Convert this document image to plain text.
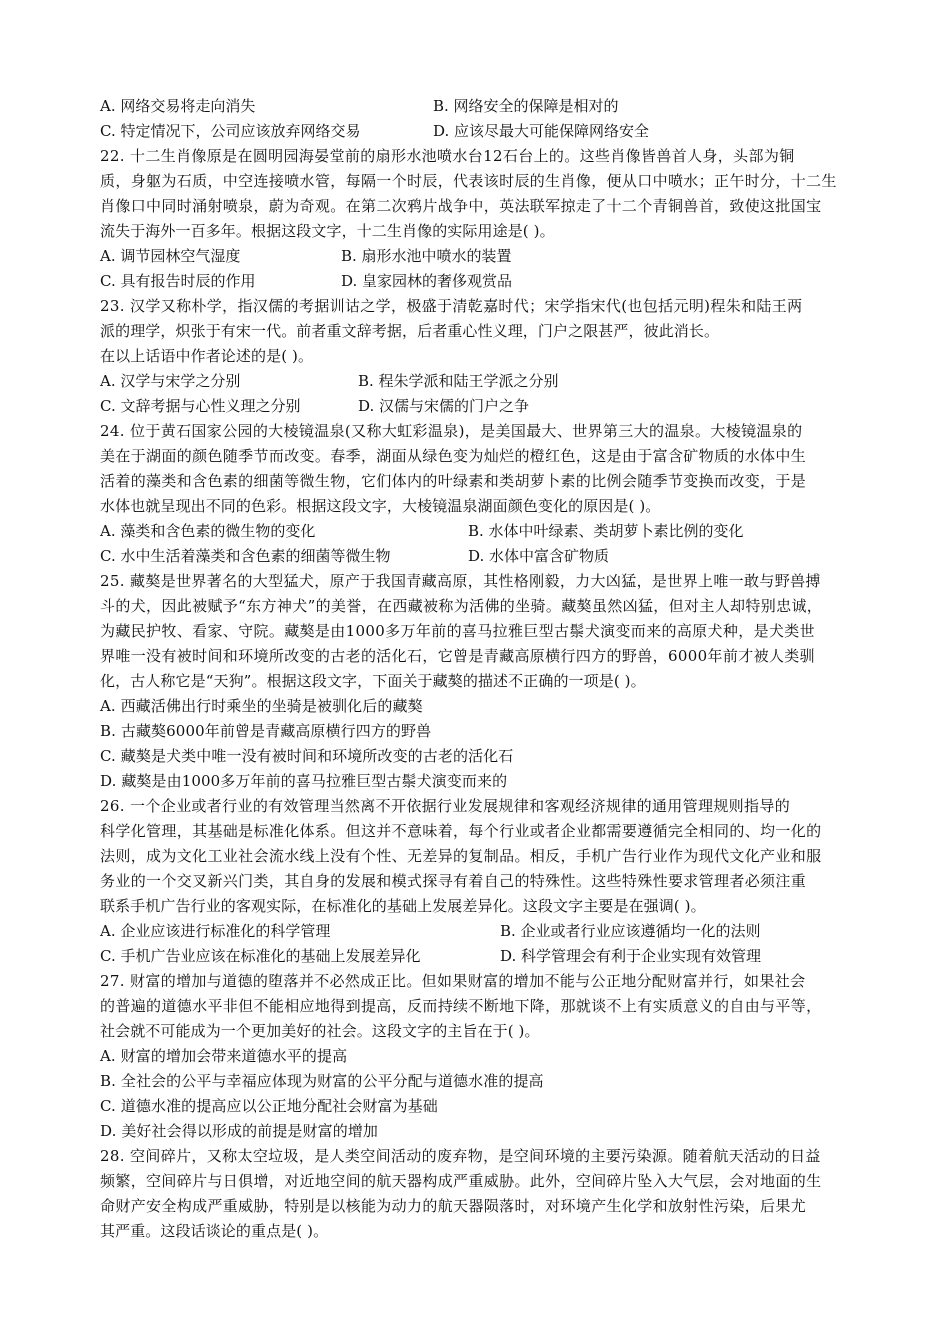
A. 网络交易将走向消失	B. 网络安全的保障是相对的
C. 特定情况下，公司应该放弃网络交易	D. 应该尽最大可能保障网络安全
22. 十二生肖像原是在圆明园海晏堂前的扇形水池喷水台12石台上的。这些肖像皆兽首人身，头部为铜
质，身躯为石质，中空连接喷水管，每隔一个时辰，代表该时辰的生肖像，便从口中喷水；正午时分，十二生
肖像口中同时涌射喷泉，蔚为奇观。在第二次鸦片战争中，英法联军掠走了十二个青铜兽首，致使这批国宝
流失于海外一百多年。根据这段文字，十二生肖像的实际用途是( )。
A. 调节园林空气湿度	B. 扇形水池中喷水的装置
C. 具有报告时辰的作用	D. 皇家园林的奢侈观赏品
23. 汉学又称朴学，指汉儒的考据训诂之学，极盛于清乾嘉时代；宋学指宋代(也包括元明)程朱和陆王两
派的理学，炽张于有宋一代。前者重文辞考据，后者重心性义理，门户之限甚严，彼此消长。
在以上话语中作者论述的是( )。
A. 汉学与宋学之分别	B. 程朱学派和陆王学派之分别
C. 文辞考据与心性义理之分别	D. 汉儒与宋儒的门户之争
24. 位于黄石国家公园的大棱镜温泉(又称大虹彩温泉)，是美国最大、世界第三大的温泉。大棱镜温泉的
美在于湖面的颜色随季节而改变。春季，湖面从绿色变为灿烂的橙红色，这是由于富含矿物质的水体中生
活着的藻类和含色素的细菌等微生物，它们体内的叶绿素和类胡萝卜素的比例会随季节变换而改变，于是
水体也就呈现出不同的色彩。根据这段文字，大棱镜温泉湖面颜色变化的原因是( )。
A. 藻类和含色素的微生物的变化	B. 水体中叶绿素、类胡萝卜素比例的变化
C. 水中生活着藻类和含色素的细菌等微生物	D. 水体中富含矿物质
25. 藏獒是世界著名的大型猛犬，原产于我国青藏高原，其性格刚毅，力大凶猛，是世界上唯一敢与野兽搏
斗的犬，因此被赋予“东方神犬”的美誉，在西藏被称为活佛的坐骑。藏獒虽然凶猛，但对主人却特别忠诚，
为藏民护牧、看家、守院。藏獒是由1000多万年前的喜马拉雅巨型古鬃犬演变而来的高原犬种，是犬类世
界唯一没有被时间和环境所改变的古老的活化石，它曾是青藏高原横行四方的野兽，6000年前才被人类驯
化，古人称它是“天狗”。根据这段文字，下面关于藏獒的描述不正确的一项是( )。
A. 西藏活佛出行时乘坐的坐骑是被驯化后的藏獒
B. 古藏獒6000年前曾是青藏高原横行四方的野兽
C. 藏獒是犬类中唯一没有被时间和环境所改变的古老的活化石
D. 藏獒是由1000多万年前的喜马拉雅巨型古鬃犬演变而来的
26. 一个企业或者行业的有效管理当然离不开依据行业发展规律和客观经济规律的通用管理规则指导的
科学化管理，其基础是标准化体系。但这并不意味着，每个行业或者企业都需要遵循完全相同的、均一化的
法则，成为文化工业社会流水线上没有个性、无差异的复制品。相反，手机广告行业作为现代文化产业和服
务业的一个交叉新兴门类，其自身的发展和模式探寻有着自己的特殊性。这些特殊性要求管理者必须注重
联系手机广告行业的客观实际，在标准化的基础上发展差异化。这段文字主要是在强调( )。
A. 企业应该进行标准化的科学管理	B. 企业或者行业应该遵循均一化的法则
C. 手机广告业应该在标准化的基础上发展差异化	D. 科学管理会有利于企业实现有效管理
27. 财富的增加与道德的堕落并不必然成正比。但如果财富的增加不能与公正地分配财富并行，如果社会
的普遍的道德水平非但不能相应地得到提高，反而持续不断地下降，那就谈不上有实质意义的自由与平等，
社会就不可能成为一个更加美好的社会。这段文字的主旨在于( )。
A. 财富的增加会带来道德水平的提高
B. 全社会的公平与幸福应体现为财富的公平分配与道德水准的提高
C. 道德水准的提高应以公正地分配社会财富为基础
D. 美好社会得以形成的前提是财富的增加
28. 空间碎片，又称太空垃圾，是人类空间活动的废弃物，是空间环境的主要污染源。随着航天活动的日益
频繁，空间碎片与日俱增，对近地空间的航天器构成严重威胁。此外，空间碎片坠入大气层，会对地面的生
命财产安全构成严重威胁，特别是以核能为动力的航天器陨落时，对环境产生化学和放射性污染，后果尤
其严重。这段话谈论的重点是( )。
